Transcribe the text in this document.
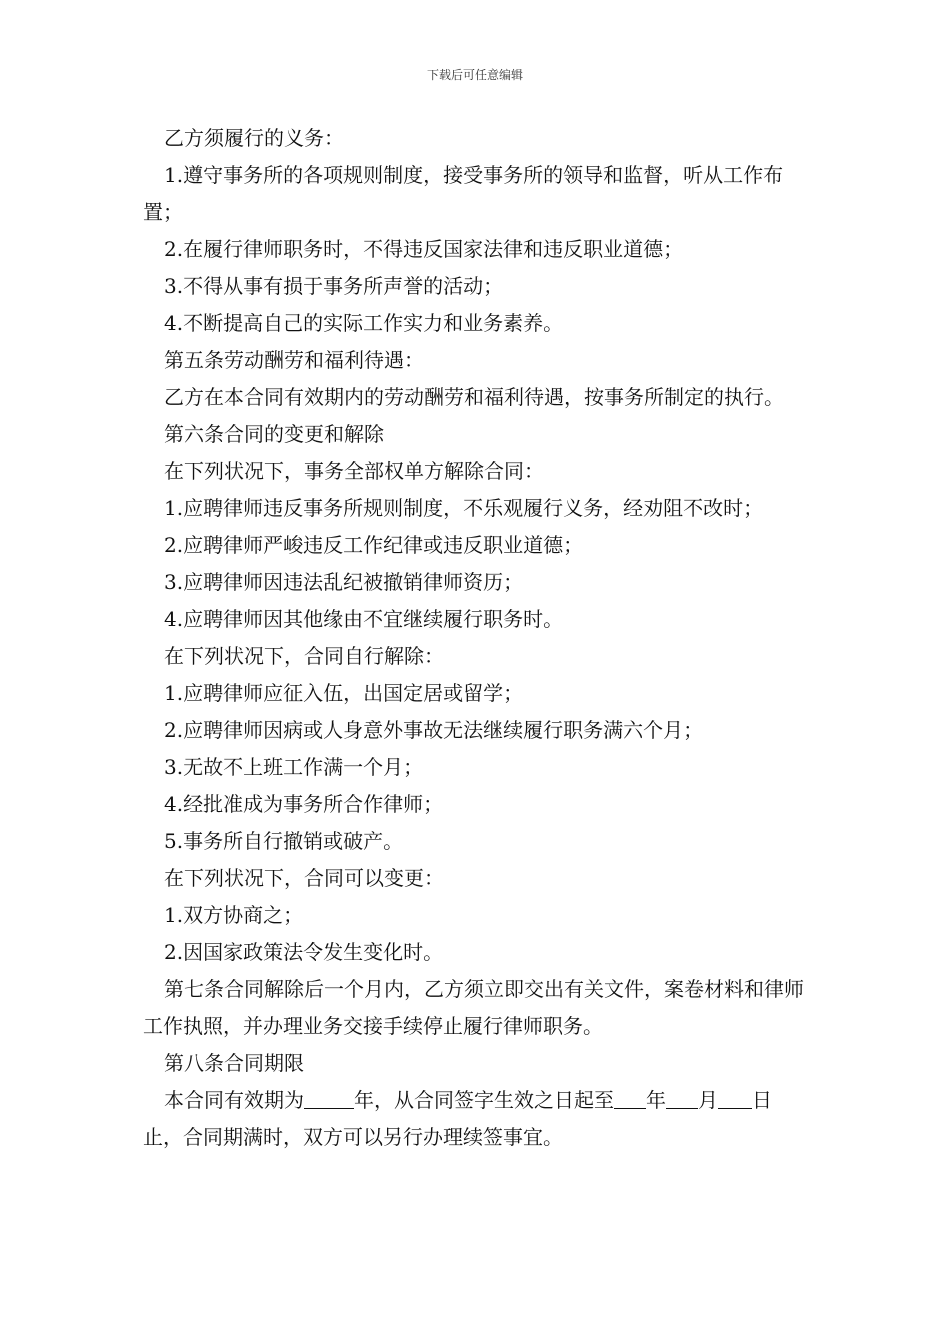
下载后可任意编辑

乙方须履行的义务：

1.遵守事务所的各项规则制度，接受事务所的领导和监督，听从工作布置；

2.在履行律师职务时，不得违反国家法律和违反职业道德；

3.不得从事有损于事务所声誉的活动；

4.不断提高自己的实际工作实力和业务素养。

第五条劳动酬劳和福利待遇：

乙方在本合同有效期内的劳动酬劳和福利待遇，按事务所制定的执行。

第六条合同的变更和解除

在下列状况下，事务全部权单方解除合同：

1.应聘律师违反事务所规则制度，不乐观履行义务，经劝阻不改时；

2.应聘律师严峻违反工作纪律或违反职业道德；

3.应聘律师因违法乱纪被撤销律师资历；

4.应聘律师因其他缘由不宜继续履行职务时。

在下列状况下，合同自行解除：

1.应聘律师应征入伍，出国定居或留学；

2.应聘律师因病或人身意外事故无法继续履行职务满六个月；

3.无故不上班工作满一个月；

4.经批准成为事务所合作律师；

5.事务所自行撤销或破产。

在下列状况下，合同可以变更：

1.双方协商之；

2.因国家政策法令发生变化时。

第七条合同解除后一个月内，乙方须立即交出有关文件，案卷材料和律师工作执照，并办理业务交接手续停止履行律师职务。

第八条合同期限

本合同有效期为	年，从合同签字生效之日起至 年 月 日止，合同期满时，双方可以另行办理续签事宜。
